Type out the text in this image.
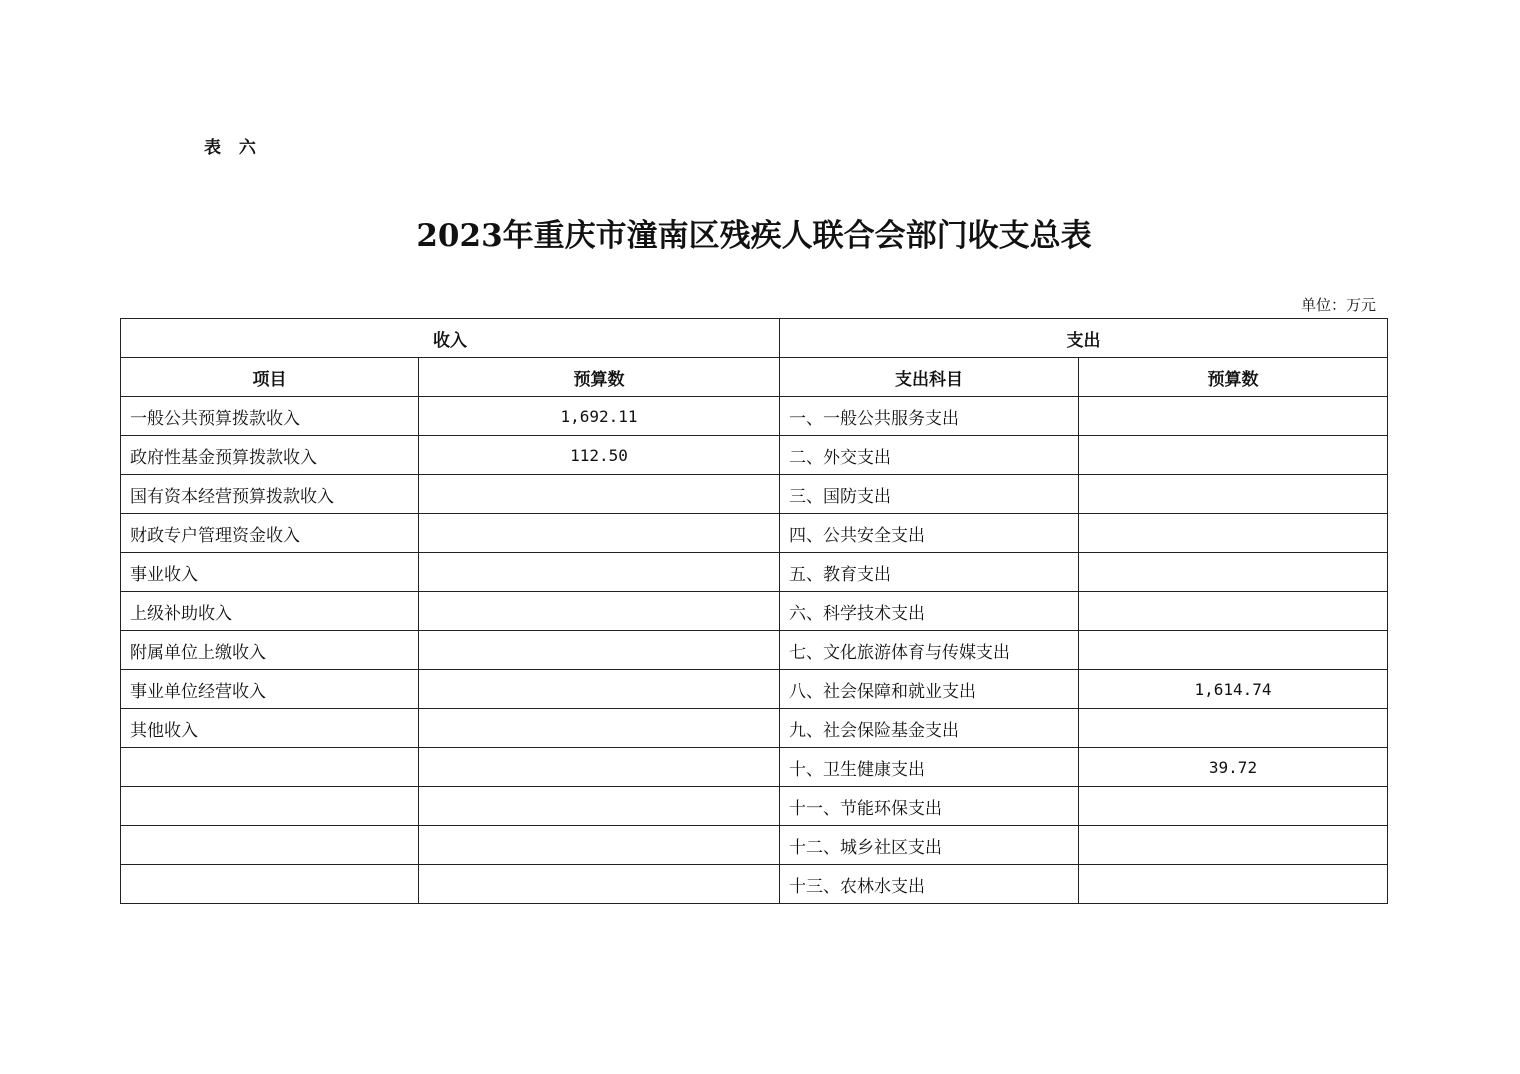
表 六
2023年重庆市潼南区残疾人联合会部门收支总表
单位：万元
收入		支出	
项目	预算数	支出科目	预算数
一般公共预算拨款收入	1,692.11	一、一般公共服务支出	
政府性基金预算拨款收入	112.50	二、外交支出	
国有资本经营预算拨款收入		三、国防支出	
财政专户管理资金收入		四、公共安全支出	
事业收入		五、教育支出	
上级补助收入		六、科学技术支出	
附属单位上缴收入		七、文化旅游体育与传媒支出	
事业单位经营收入		八、社会保障和就业支出	1,614.74
其他收入		九、社会保险基金支出	
		十、卫生健康支出	39.72
		十一、节能环保支出	
		十二、城乡社区支出	
		十三、农林水支出	
